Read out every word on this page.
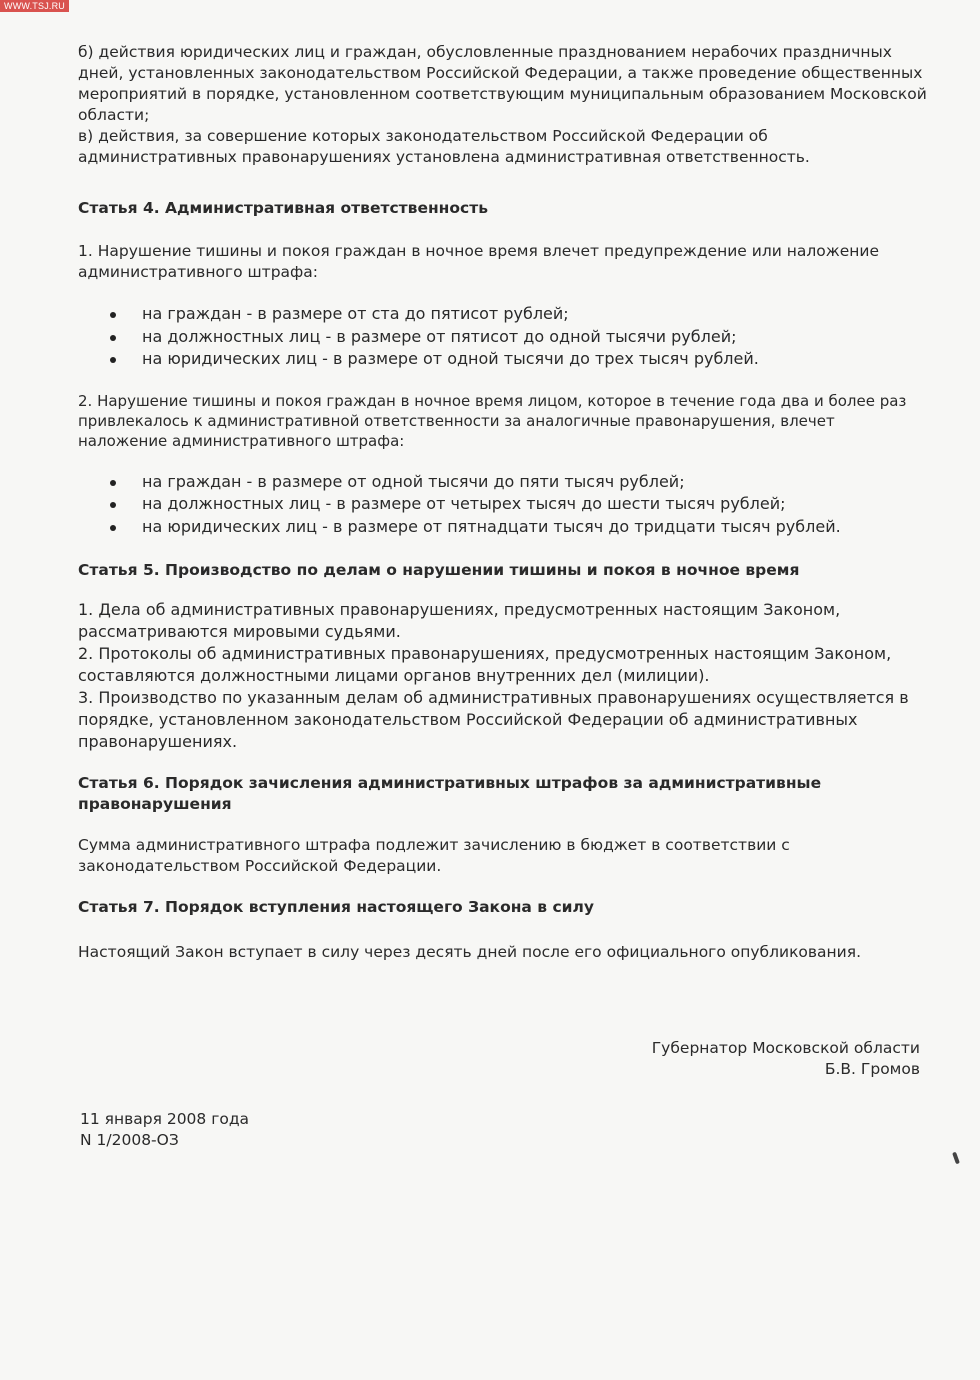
WWW.TSJ.RU

б) действия юридических лиц и граждан, обусловленные празднованием нерабочих праздничных дней, установленных законодательством Российской Федерации, а также проведение общественных мероприятий в порядке, установленном соответствующим муниципальным образованием Московской области;

в) действия, за совершение которых законодательством Российской Федерации об административных правонарушениях установлена административная ответственность.

Статья 4. Административная ответственность

1. Нарушение тишины и покоя граждан в ночное время влечет предупреждение или наложение административного штрафа:

на граждан - в размере от ста до пятисот рублей;
на должностных лиц - в размере от пятисот до одной тысячи рублей;
на юридических лиц - в размере от одной тысячи до трех тысяч рублей.

2. Нарушение тишины и покоя граждан в ночное время лицом, которое в течение года два и более раз привлекалось к административной ответственности за аналогичные правонарушения, влечет наложение административного штрафа:

на граждан - в размере от одной тысячи до пяти тысяч рублей;
на должностных лиц - в размере от четырех тысяч до шести тысяч рублей;
на юридических лиц - в размере от пятнадцати тысяч до тридцати тысяч рублей.

Статья 5. Производство по делам о нарушении тишины и покоя в ночное время

1. Дела об административных правонарушениях, предусмотренных настоящим Законом, рассматриваются мировыми судьями.

2. Протоколы об административных правонарушениях, предусмотренных настоящим Законом, составляются должностными лицами органов внутренних дел (милиции).

3. Производство по указанным делам об административных правонарушениях осуществляется в порядке, установленном законодательством Российской Федерации об административных правонарушениях.

Статья 6. Порядок зачисления административных штрафов за административные правонарушения

Сумма административного штрафа подлежит зачислению в бюджет в соответствии с законодательством Российской Федерации.

Статья 7. Порядок вступления настоящего Закона в силу

Настоящий Закон вступает в силу через десять дней после его официального опубликования.

Губернатор Московской области
Б.В. Громов
11 января 2008 года
N 1/2008-ОЗ
